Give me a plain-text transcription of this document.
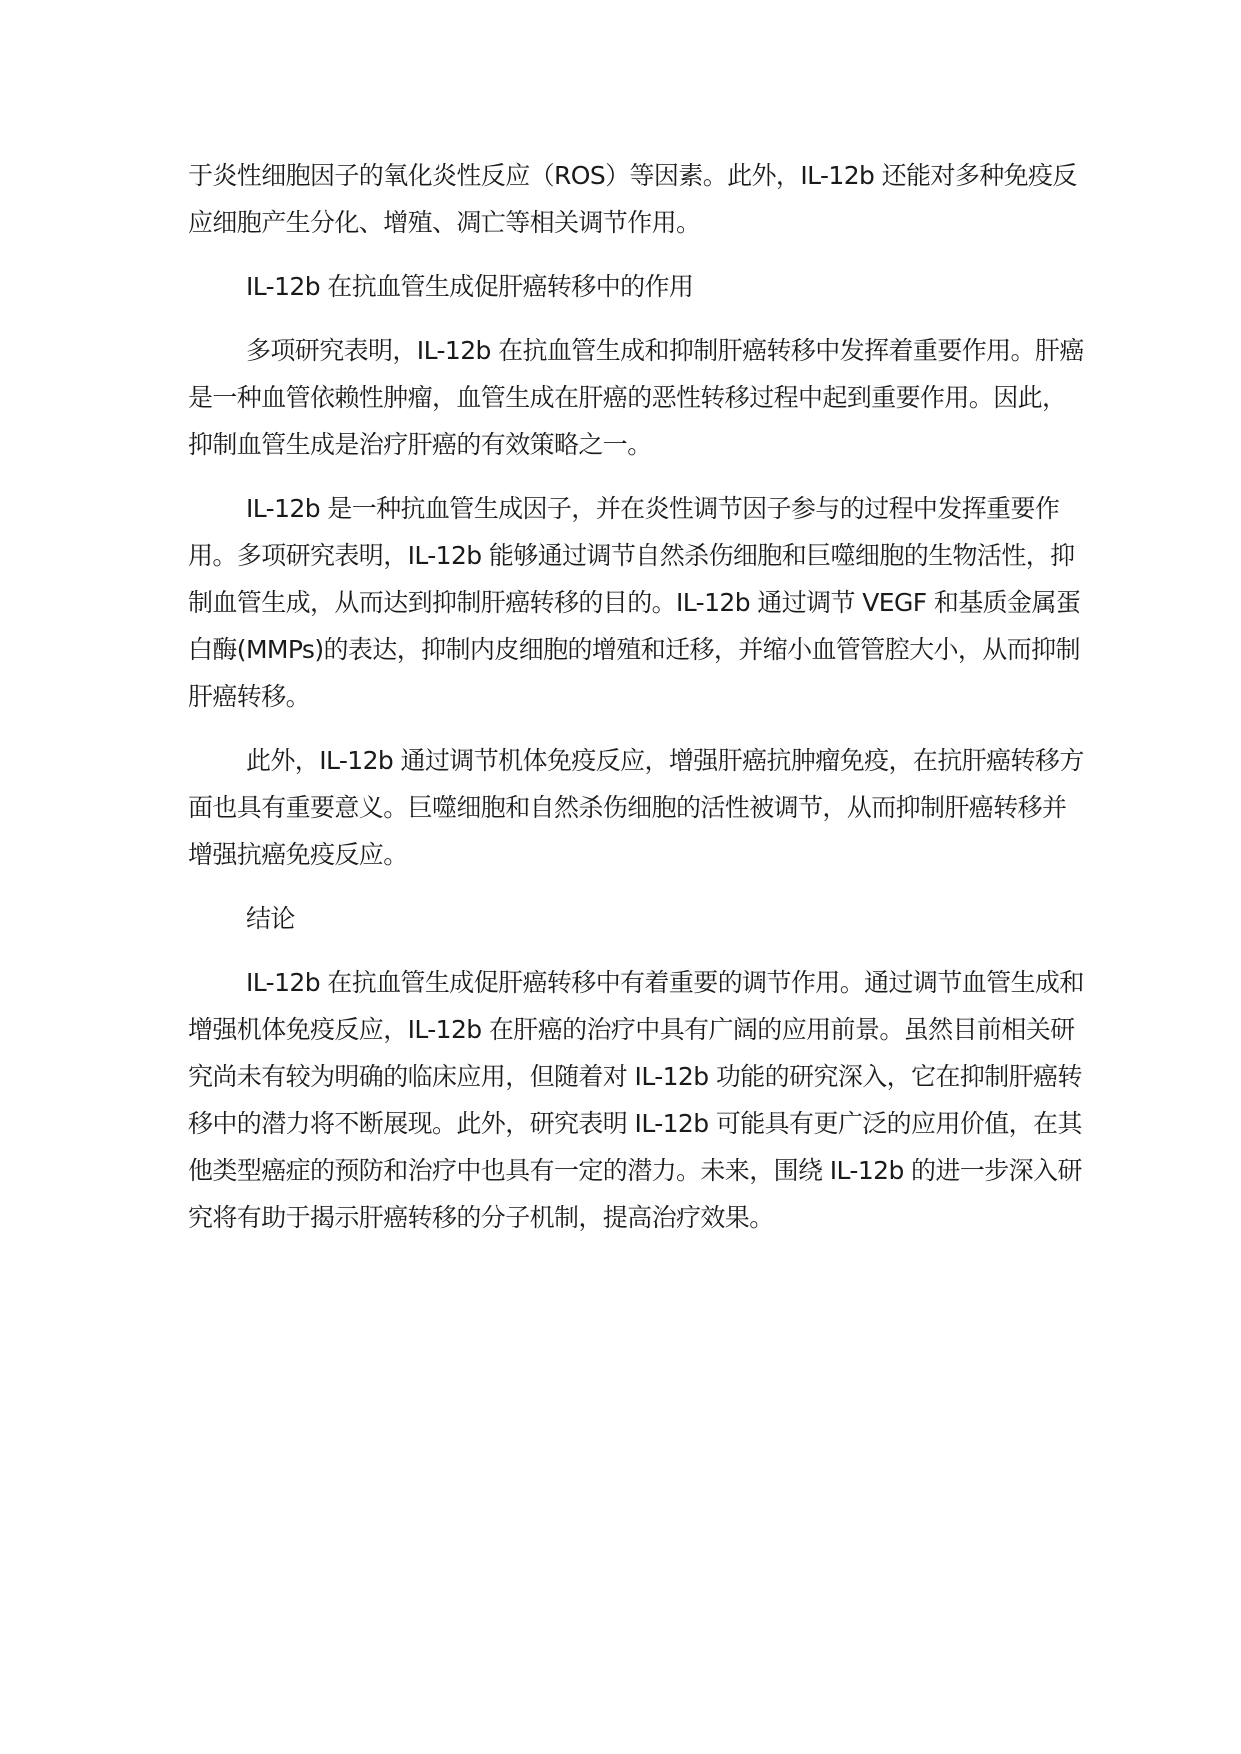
于炎性细胞因子的氧化炎性反应（ROS）等因素。此外，IL-12b 还能对多种免疫反应细胞产生分化、增殖、凋亡等相关调节作用。

IL-12b 在抗血管生成促肝癌转移中的作用

多项研究表明，IL-12b 在抗血管生成和抑制肝癌转移中发挥着重要作用。肝癌是一种血管依赖性肿瘤，血管生成在肝癌的恶性转移过程中起到重要作用。因此，抑制血管生成是治疗肝癌的有效策略之一。

IL-12b 是一种抗血管生成因子，并在炎性调节因子参与的过程中发挥重要作用。多项研究表明，IL-12b 能够通过调节自然杀伤细胞和巨噬细胞的生物活性，抑制血管生成，从而达到抑制肝癌转移的目的。IL-12b 通过调节 VEGF 和基质金属蛋白酶(MMPs)的表达，抑制内皮细胞的增殖和迁移，并缩小血管管腔大小，从而抑制肝癌转移。

此外，IL-12b 通过调节机体免疫反应，增强肝癌抗肿瘤免疫，在抗肝癌转移方面也具有重要意义。巨噬细胞和自然杀伤细胞的活性被调节，从而抑制肝癌转移并增强抗癌免疫反应。

结论

IL-12b 在抗血管生成促肝癌转移中有着重要的调节作用。通过调节血管生成和增强机体免疫反应，IL-12b 在肝癌的治疗中具有广阔的应用前景。虽然目前相关研究尚未有较为明确的临床应用，但随着对 IL-12b 功能的研究深入，它在抑制肝癌转移中的潜力将不断展现。此外，研究表明 IL-12b 可能具有更广泛的应用价值，在其他类型癌症的预防和治疗中也具有一定的潜力。未来，围绕 IL-12b 的进一步深入研究将有助于揭示肝癌转移的分子机制，提高治疗效果。
